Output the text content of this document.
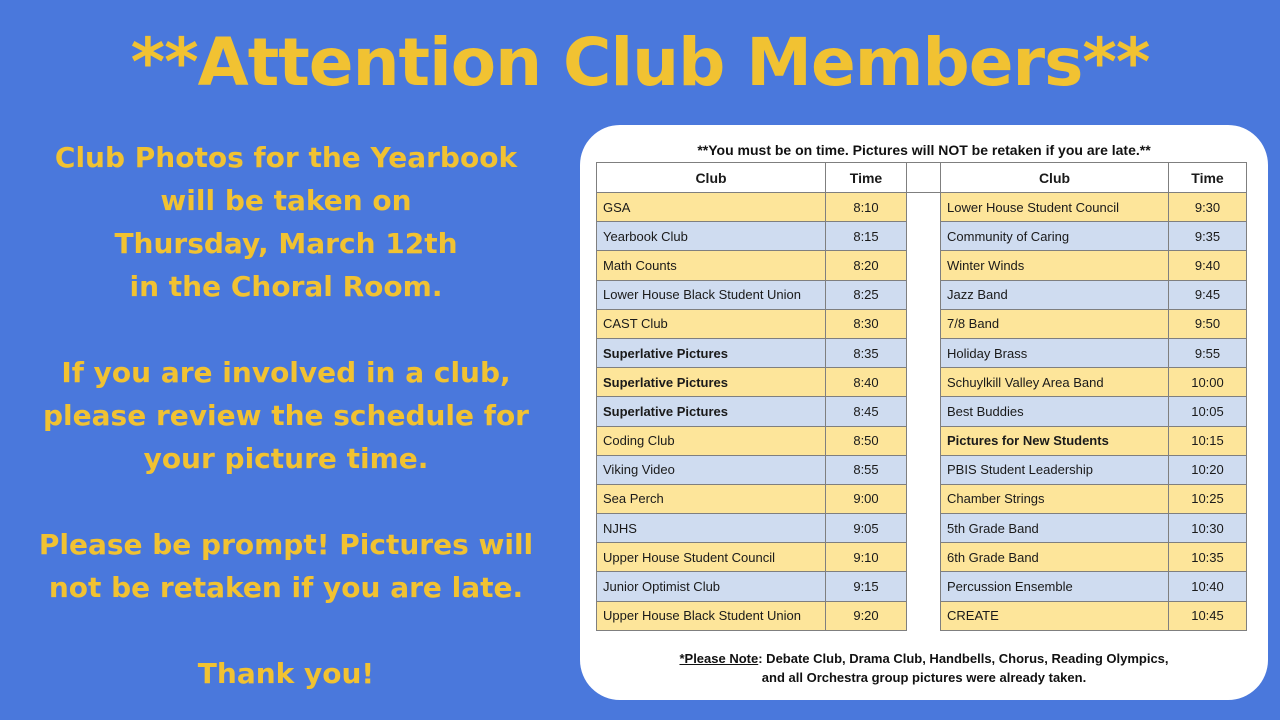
**Attention Club Members**

Club Photos for the Yearbook

will be taken on

Thursday, March 12th

in the Choral Room.

If you are involved in a club,

please review the schedule for

your picture time.

Please be prompt! Pictures will

not be retaken if you are late.

Thank you!

**You must be on time. Pictures will NOT be retaken if you are late.**
Club	Time		Club	Time
GSA	8:10		Lower House Student Council	9:30
Yearbook Club	8:15		Community of Caring	9:35
Math Counts	8:20		Winter Winds	9:40
Lower House Black Student Union	8:25		Jazz Band	9:45
CAST Club	8:30		7/8 Band	9:50
Superlative Pictures	8:35		Holiday Brass	9:55
Superlative Pictures	8:40		Schuylkill Valley Area Band	10:00
Superlative Pictures	8:45		Best Buddies	10:05
Coding Club	8:50		Pictures for New Students	10:15
Viking Video	8:55		PBIS Student Leadership	10:20
Sea Perch	9:00		Chamber Strings	10:25
NJHS	9:05		5th Grade Band	10:30
Upper House Student Council	9:10		6th Grade Band	10:35
Junior Optimist Club	9:15		Percussion Ensemble	10:40
Upper House Black Student Union	9:20		CREATE	10:45
*Please Note: Debate Club, Drama Club, Handbells, Chorus, Reading Olympics,
and all Orchestra group pictures were already taken.
